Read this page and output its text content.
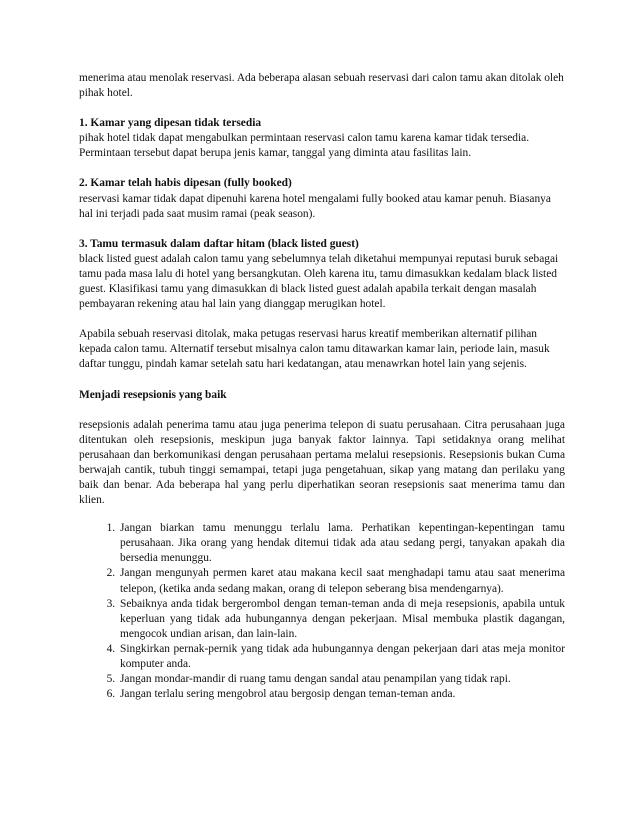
menerima atau menolak reservasi. Ada beberapa alasan sebuah reservasi dari calon tamu akan ditolak oleh pihak hotel.

1. Kamar yang dipesan tidak tersedia

pihak hotel tidak dapat mengabulkan permintaan reservasi calon tamu karena kamar tidak tersedia. Permintaan tersebut dapat berupa jenis kamar, tanggal yang diminta atau fasilitas lain.

2. Kamar telah habis dipesan (fully booked)

reservasi kamar tidak dapat dipenuhi karena hotel mengalami fully booked atau kamar penuh. Biasanya hal ini terjadi pada saat musim ramai (peak season).

3. Tamu termasuk dalam daftar hitam (black listed guest)

black listed guest adalah calon tamu yang sebelumnya telah diketahui mempunyai reputasi buruk sebagai tamu pada masa lalu di hotel yang bersangkutan. Oleh karena itu, tamu dimasukkan kedalam black listed guest. Klasifikasi tamu yang dimasukkan di black listed guest adalah apabila terkait dengan masalah pembayaran rekening atau hal lain yang dianggap merugikan hotel.

Apabila sebuah reservasi ditolak, maka petugas reservasi harus kreatif memberikan alternatif pilihan kepada calon tamu. Alternatif tersebut misalnya calon tamu ditawarkan kamar lain, periode lain, masuk daftar tunggu, pindah kamar setelah satu hari kedatangan, atau menawrkan hotel lain yang sejenis.

Menjadi resepsionis yang baik

resepsionis adalah penerima tamu atau juga penerima telepon di suatu perusahaan. Citra perusahaan juga ditentukan oleh resepsionis, meskipun juga banyak faktor lainnya. Tapi setidaknya orang melihat perusahaan dan berkomunikasi dengan perusahaan pertama melalui resepsionis. Resepsionis bukan Cuma berwajah cantik, tubuh tinggi semampai, tetapi juga pengetahuan, sikap yang matang dan perilaku yang baik dan benar. Ada beberapa hal yang perlu diperhatikan seoran resepsionis saat menerima tamu dan klien.

1. Jangan biarkan tamu menunggu terlalu lama. Perhatikan kepentingan-kepentingan tamu perusahaan. Jika orang yang hendak ditemui tidak ada atau sedang pergi, tanyakan apakah dia bersedia menunggu.
2. Jangan mengunyah permen karet atau makana kecil saat menghadapi tamu atau saat menerima telepon, (ketika anda sedang makan, orang di telepon seberang bisa mendengarnya).
3. Sebaiknya anda tidak bergerombol dengan teman-teman anda di meja resepsionis, apabila untuk keperluan yang tidak ada hubungannya dengan pekerjaan. Misal membuka plastik dagangan, mengocok undian arisan, dan lain-lain.
4. Singkirkan pernak-pernik yang tidak ada hubungannya dengan pekerjaan dari atas meja monitor komputer anda.
5. Jangan mondar-mandir di ruang tamu dengan sandal atau penampilan yang tidak rapi.
6. Jangan terlalu sering mengobrol atau bergosip dengan teman-teman anda.
